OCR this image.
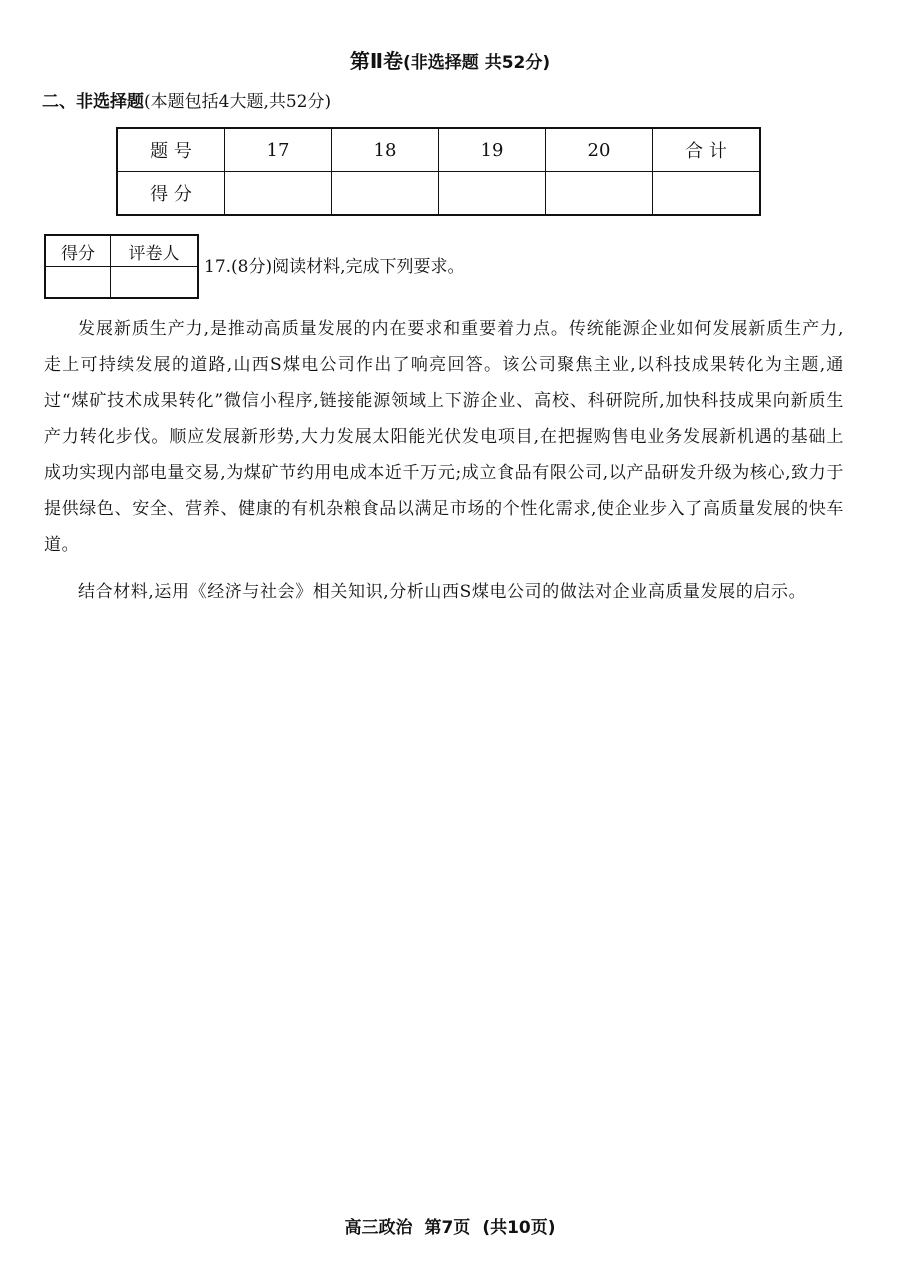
第Ⅱ卷(非选择题 共52分)
二、非选择题(本题包括4大题,共52分)
题 号	17	18	19	20	合 计
得 分					
得分	评卷人

17.(8分)阅读材料,完成下列要求。
发展新质生产力,是推动高质量发展的内在要求和重要着力点。传统能源企业如何发展新质生产力,走上可持续发展的道路,山西S煤电公司作出了响亮回答。该公司聚焦主业,以科技成果转化为主题,通过“煤矿技术成果转化”微信小程序,链接能源领域上下游企业、高校、科研院所,加快科技成果向新质生产力转化步伐。顺应发展新形势,大力发展太阳能光伏发电项目,在把握购售电业务发展新机遇的基础上成功实现内部电量交易,为煤矿节约用电成本近千万元;成立食品有限公司,以产品研发升级为核心,致力于提供绿色、安全、营养、健康的有机杂粮食品以满足市场的个性化需求,使企业步入了高质量发展的快车道。
结合材料,运用《经济与社会》相关知识,分析山西S煤电公司的做法对企业高质量发展的启示。
高三政治 第7页 (共10页)
